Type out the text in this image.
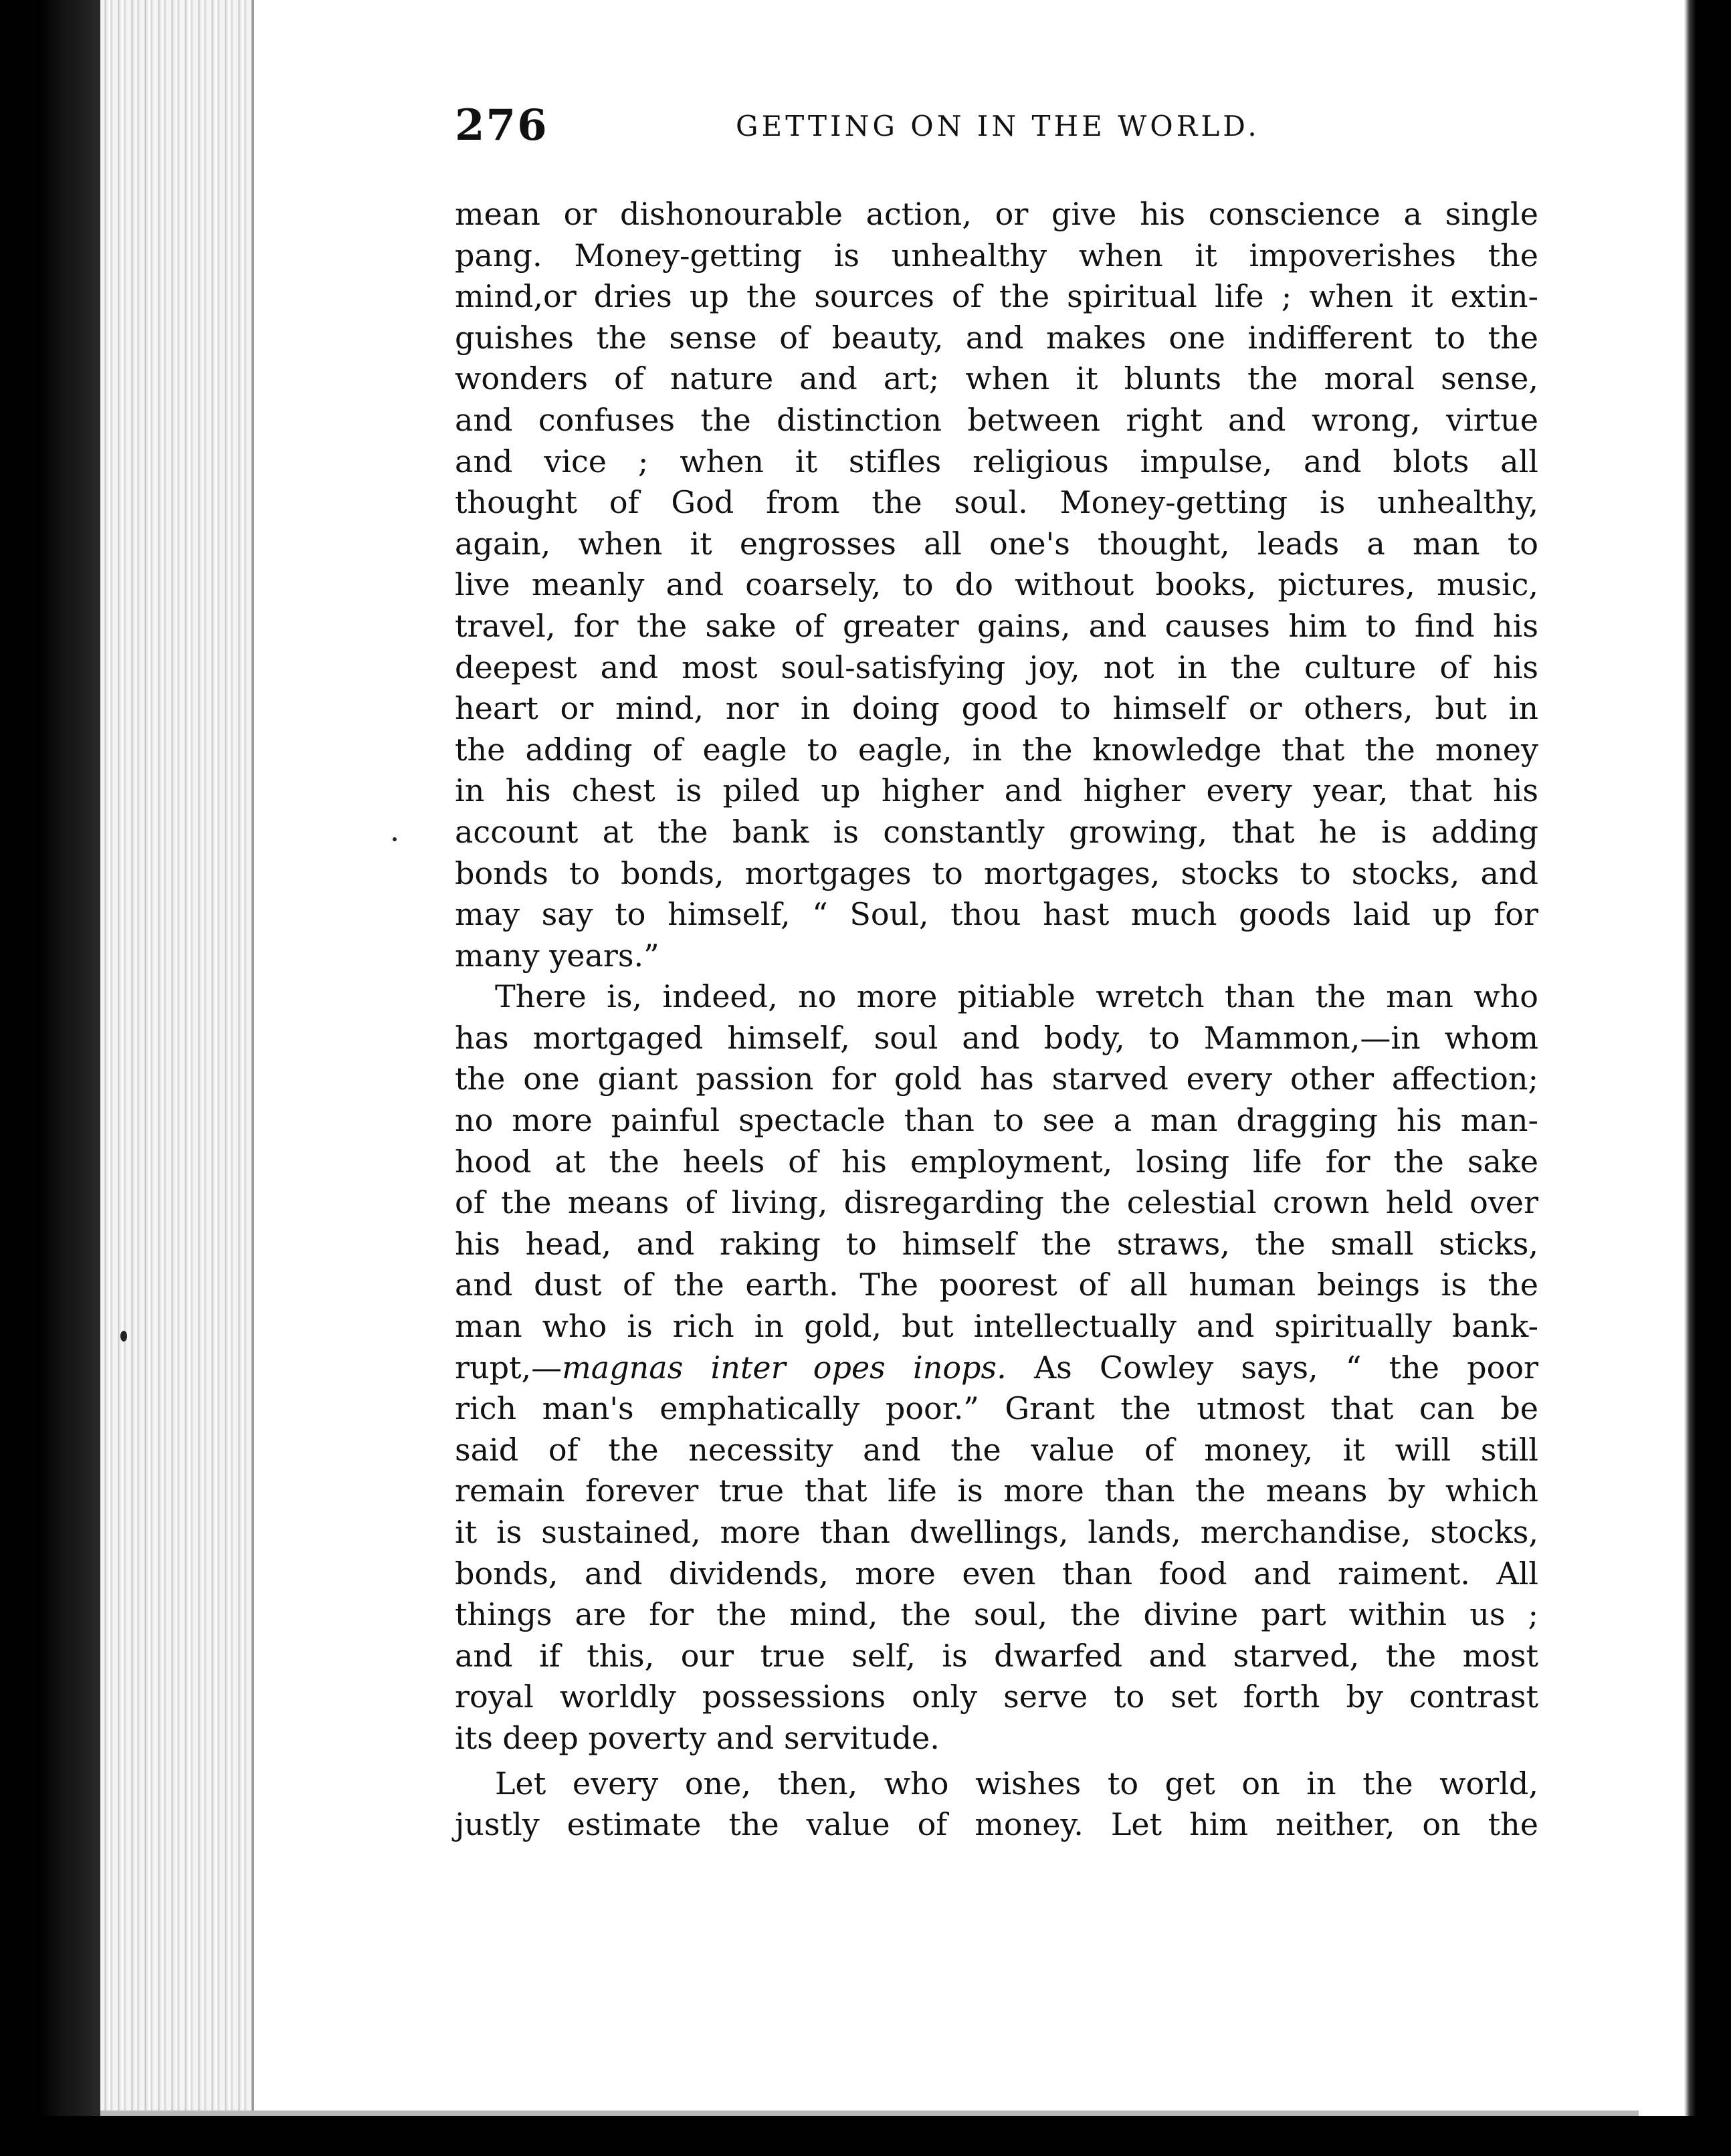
276	GETTING ON IN THE WORLD.
mean or dishonourable action, or give his conscience a single
pang. Money-getting is unhealthy when it impoverishes the
mind,or dries up the sources of the spiritual life ; when it extin-
guishes the sense of beauty, and makes one indifferent to the
wonders of nature and art; when it blunts the moral sense,
and confuses the distinction between right and wrong, virtue
and vice ; when it stifles religious impulse, and blots all
thought of God from the soul. Money-getting is unhealthy,
again, when it engrosses all one's thought, leads a man to
live meanly and coarsely, to do without books, pictures, music,
travel, for the sake of greater gains, and causes him to find his
deepest and most soul-satisfying joy, not in the culture of his
heart or mind, nor in doing good to himself or others, but in
the adding of eagle to eagle, in the knowledge that the money
in his chest is piled up higher and higher every year, that his
account at the bank is constantly growing, that he is adding
bonds to bonds, mortgages to mortgages, stocks to stocks, and
may say to himself, “ Soul, thou hast much goods laid up for
many years.”
There is, indeed, no more pitiable wretch than the man who
has mortgaged himself, soul and body, to Mammon,—in whom
the one giant passion for gold has starved every other affection;
no more painful spectacle than to see a man dragging his man-
hood at the heels of his employment, losing life for the sake
of the means of living, disregarding the celestial crown held over
his head, and raking to himself the straws, the small sticks,
and dust of the earth. The poorest of all human beings is the
man who is rich in gold, but intellectually and spiritually bank-
rupt,—magnas inter opes inops. As Cowley says, “ the poor
rich man's emphatically poor.” Grant the utmost that can be
said of the necessity and the value of money, it will still
remain forever true that life is more than the means by which
it is sustained, more than dwellings, lands, merchandise, stocks,
bonds, and dividends, more even than food and raiment. All
things are for the mind, the soul, the divine part within us ;
and if this, our true self, is dwarfed and starved, the most
royal worldly possessions only serve to set forth by contrast
its deep poverty and servitude.
Let every one, then, who wishes to get on in the world,
justly estimate the value of money. Let him neither, on the
